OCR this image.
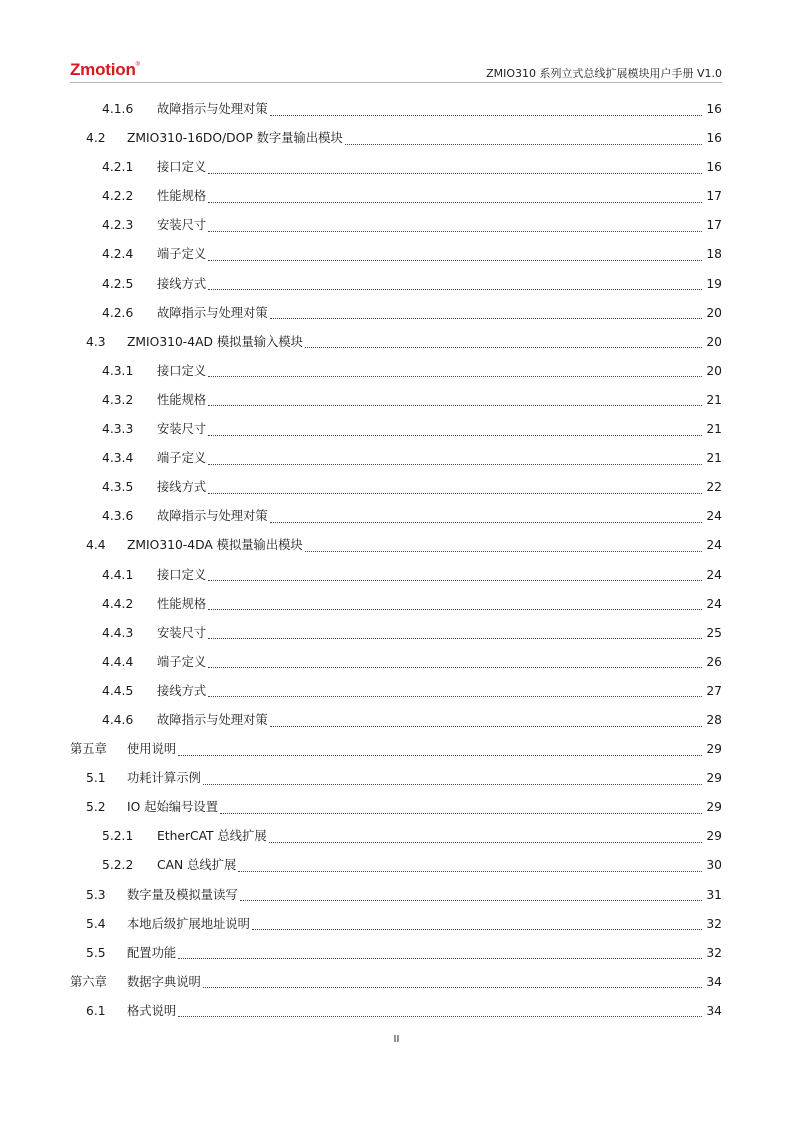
Zmotion®
ZMIO310 系列立式总线扩展模块用户手册 V1.0
4.1.6	故障指示与处理对策	16
4.2	ZMIO310-16DO/DOP 数字量输出模块	16
4.2.1	接口定义	16
4.2.2	性能规格	17
4.2.3	安装尺寸	17
4.2.4	端子定义	18
4.2.5	接线方式	19
4.2.6	故障指示与处理对策	20
4.3	ZMIO310-4AD 模拟量输入模块	20
4.3.1	接口定义	20
4.3.2	性能规格	21
4.3.3	安装尺寸	21
4.3.4	端子定义	21
4.3.5	接线方式	22
4.3.6	故障指示与处理对策	24
4.4	ZMIO310-4DA 模拟量输出模块	24
4.4.1	接口定义	24
4.4.2	性能规格	24
4.4.3	安装尺寸	25
4.4.4	端子定义	26
4.4.5	接线方式	27
4.4.6	故障指示与处理对策	28
第五章	使用说明	29
5.1	功耗计算示例	29
5.2	IO 起始编号设置	29
5.2.1	EtherCAT 总线扩展	29
5.2.2	CAN 总线扩展	30
5.3	数字量及模拟量读写	31
5.4	本地后级扩展地址说明	32
5.5	配置功能	32
第六章	数据字典说明	34
6.1	格式说明	34
II
